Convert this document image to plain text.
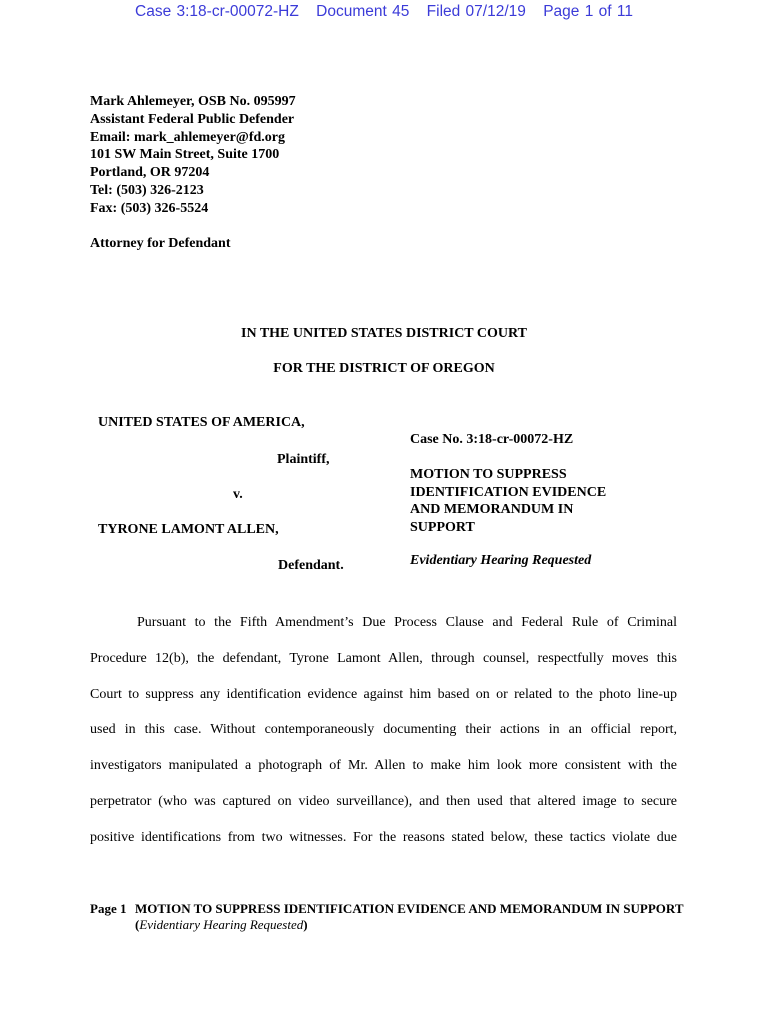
Case 3:18-cr-00072-HZ Document 45 Filed 07/12/19 Page 1 of 11
Mark Ahlemeyer, OSB No. 095997
Assistant Federal Public Defender
Email: mark_ahlemeyer@fd.org
101 SW Main Street, Suite 1700
Portland, OR 97204
Tel: (503) 326-2123
Fax: (503) 326-5524
Attorney for Defendant
IN THE UNITED STATES DISTRICT COURT
FOR THE DISTRICT OF OREGON
UNITED STATES OF AMERICA,
Plaintiff,
v.
TYRONE LAMONT ALLEN,
Defendant.
Case No. 3:18-cr-00072-HZ
MOTION TO SUPPRESS
IDENTIFICATION EVIDENCE
AND MEMORANDUM IN
SUPPORT
Evidentiary Hearing Requested
Pursuant to the Fifth Amendment’s Due Process Clause and Federal Rule of Criminal
Procedure 12(b), the defendant, Tyrone Lamont Allen, through counsel, respectfully moves this
Court to suppress any identification evidence against him based on or related to the photo line-up
used in this case. Without contemporaneously documenting their actions in an official report,
investigators manipulated a photograph of Mr. Allen to make him look more consistent with the
perpetrator (who was captured on video surveillance), and then used that altered image to secure
positive identifications from two witnesses. For the reasons stated below, these tactics violate due
Page 1 MOTION TO SUPPRESS IDENTIFICATION EVIDENCE AND MEMORANDUM IN SUPPORT
(Evidentiary Hearing Requested)
